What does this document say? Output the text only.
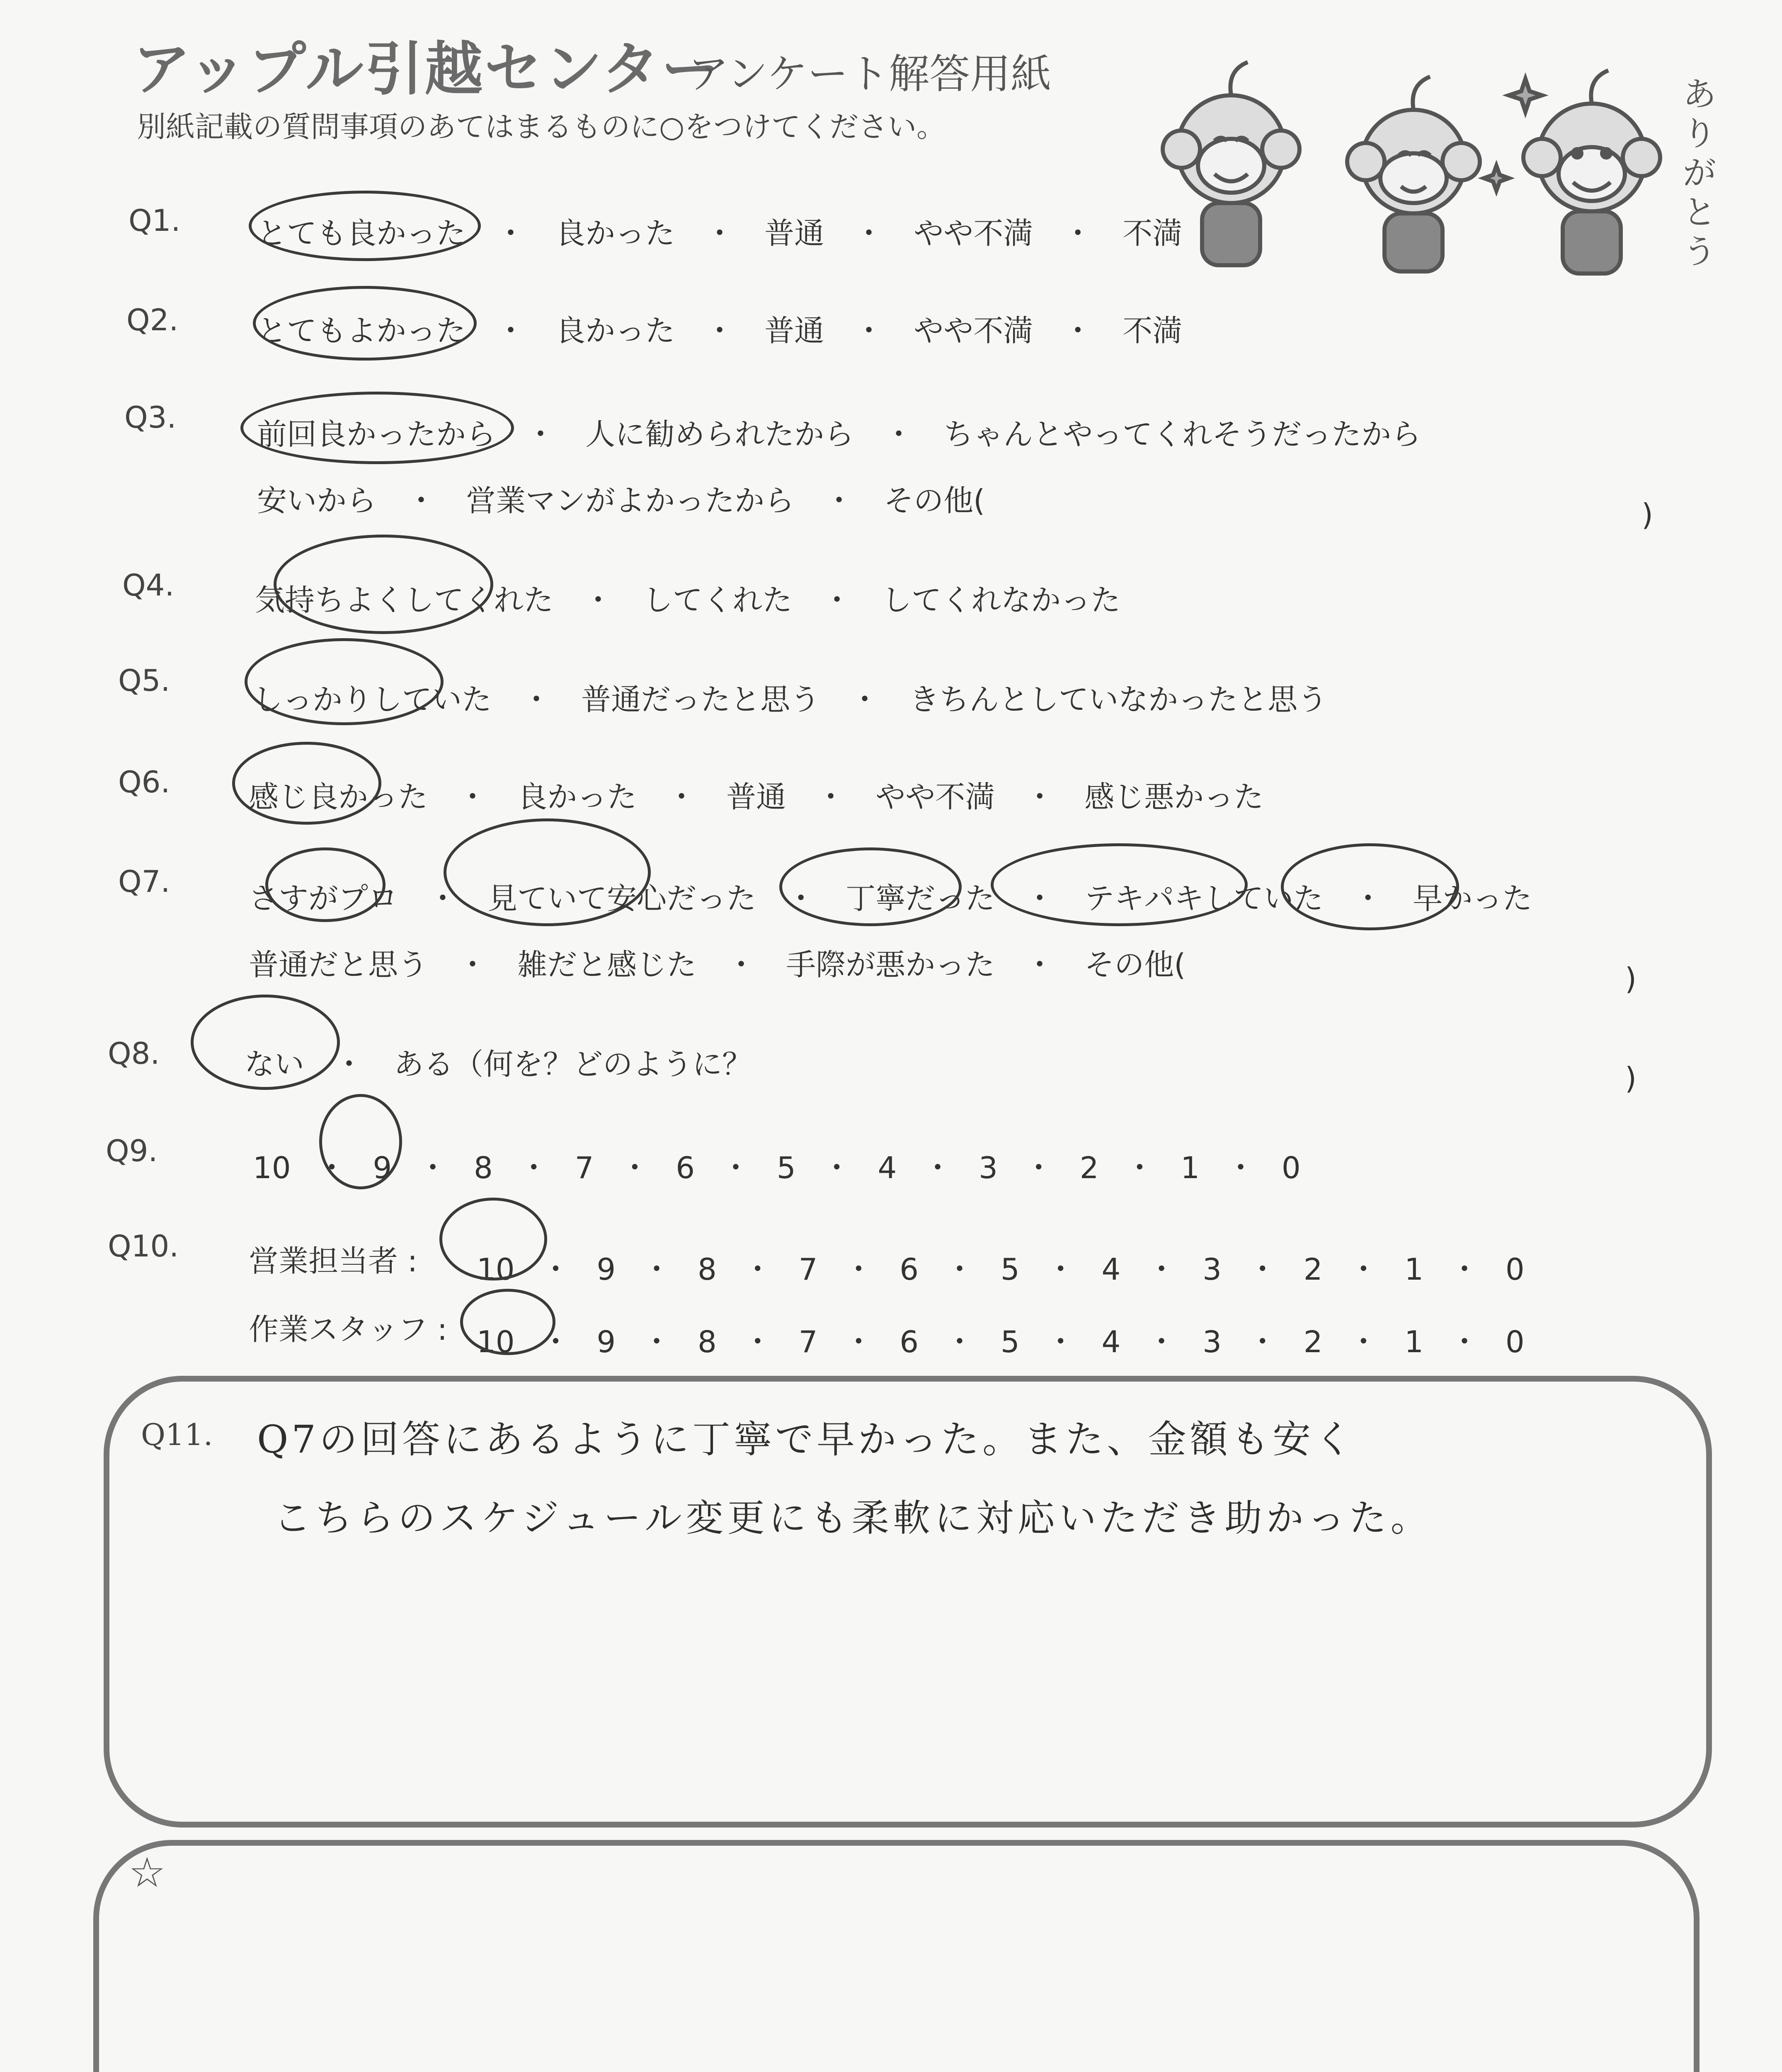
アップル引越センター
アンケート解答用紙
別紙記載の質問事項のあてはまるものに○をつけてください。
ありがとう
Q1.	とても良かった　 ・　 良かった　 ・　 普通　 ・　 やや不満　 ・　 不満
Q2.	とてもよかった　 ・　 良かった　 ・　 普通　 ・　 やや不満　 ・　 不満
Q3.	前回良かったから　 ・　 人に勧められたから　 ・　 ちゃんとやってくれそうだったから
安いから　 ・　 営業マンがよかったから　 ・　 その他(	)
Q4.	気持ちよくしてくれた　 ・　 してくれた　 ・　 してくれなかった
Q5.
しっかりしていた　 ・　 普通だったと思う　 ・　 きちんとしていなかったと思う
Q6.	感じ良かった　 ・　 良かった　 ・　 普通　 ・　 やや不満　 ・　 感じ悪かった
Q7.	さすがプロ　 ・　 見ていて安心だった　 ・　 丁寧だった　 ・　 テキパキしていた　 ・　 早かった
普通だと思う　 ・　 雑だと感じた　 ・　 手際が悪かった　 ・　 その他(	)
Q8.	ない　 ・　 ある（何を？どのように？	)
Q9.	10 ・ 9 ・ 8 ・ 7 ・ 6 ・ 5 ・ 4 ・ 3 ・ 2 ・ 1 ・ 0
Q10. 営業担当者 : 10 ・ 9 ・ 8 ・ 7 ・ 6 ・ 5 ・ 4 ・ 3 ・ 2 ・ 1 ・ 0
作業スタッフ : 10 ・ 9 ・ 8 ・ 7 ・ 6 ・ 5 ・ 4 ・ 3 ・ 2 ・ 1 ・ 0
Q11. Q7の回答にあるように丁寧で早かった。また、金額も安く
こちらのスケジュール変更にも柔軟に対応いただき助かった。
☆
